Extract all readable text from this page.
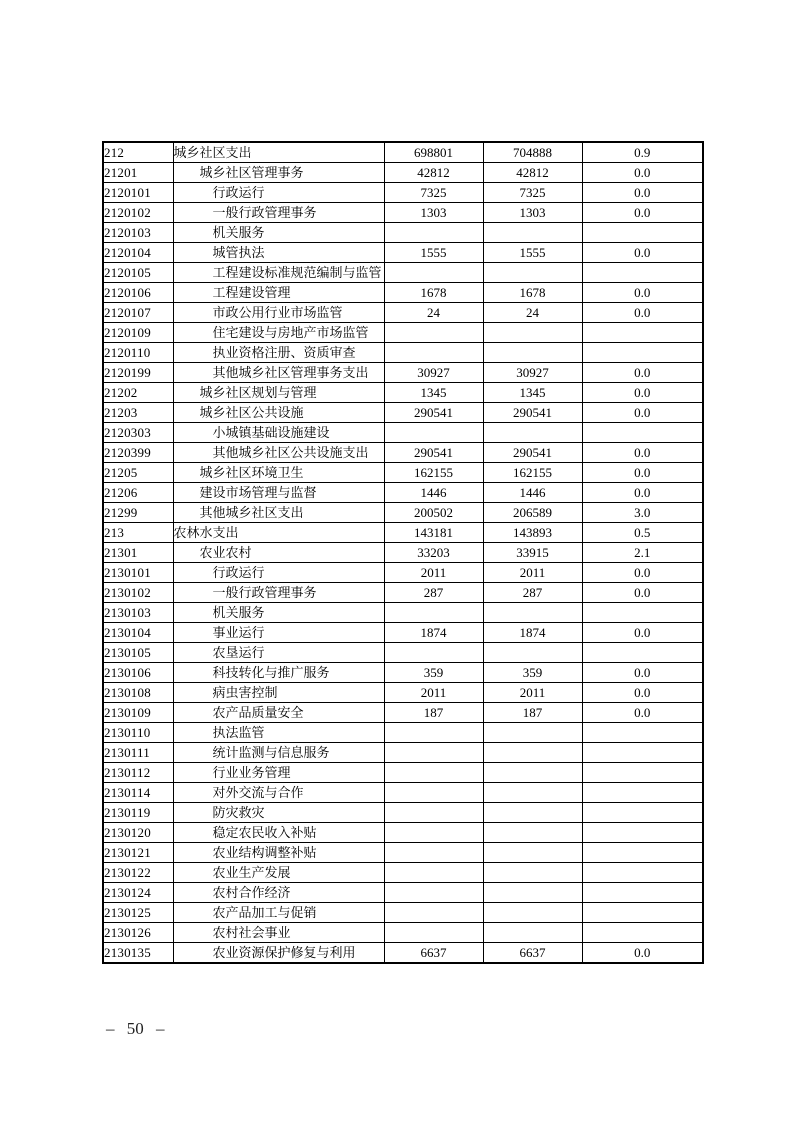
212	城乡社区支出	698801	704888	0.9
21201	城乡社区管理事务	42812	42812	0.0
2120101	行政运行	7325	7325	0.0
2120102	一般行政管理事务	1303	1303	0.0
2120103	机关服务			
2120104	城管执法	1555	1555	0.0
2120105	工程建设标准规范编制与监管			
2120106	工程建设管理	1678	1678	0.0
2120107	市政公用行业市场监管	24	24	0.0
2120109	住宅建设与房地产市场监管			
2120110	执业资格注册、资质审查			
2120199	其他城乡社区管理事务支出	30927	30927	0.0
21202	城乡社区规划与管理	1345	1345	0.0
21203	城乡社区公共设施	290541	290541	0.0
2120303	小城镇基础设施建设			
2120399	其他城乡社区公共设施支出	290541	290541	0.0
21205	城乡社区环境卫生	162155	162155	0.0
21206	建设市场管理与监督	1446	1446	0.0
21299	其他城乡社区支出	200502	206589	3.0
213	农林水支出	143181	143893	0.5
21301	农业农村	33203	33915	2.1
2130101	行政运行	2011	2011	0.0
2130102	一般行政管理事务	287	287	0.0
2130103	机关服务			
2130104	事业运行	1874	1874	0.0
2130105	农垦运行			
2130106	科技转化与推广服务	359	359	0.0
2130108	病虫害控制	2011	2011	0.0
2130109	农产品质量安全	187	187	0.0
2130110	执法监管			
2130111	统计监测与信息服务			
2130112	行业业务管理			
2130114	对外交流与合作			
2130119	防灾救灾			
2130120	稳定农民收入补贴			
2130121	农业结构调整补贴			
2130122	农业生产发展			
2130124	农村合作经济			
2130125	农产品加工与促销			
2130126	农村社会事业			
2130135	农业资源保护修复与利用	6637	6637	0.0
– 50 –
